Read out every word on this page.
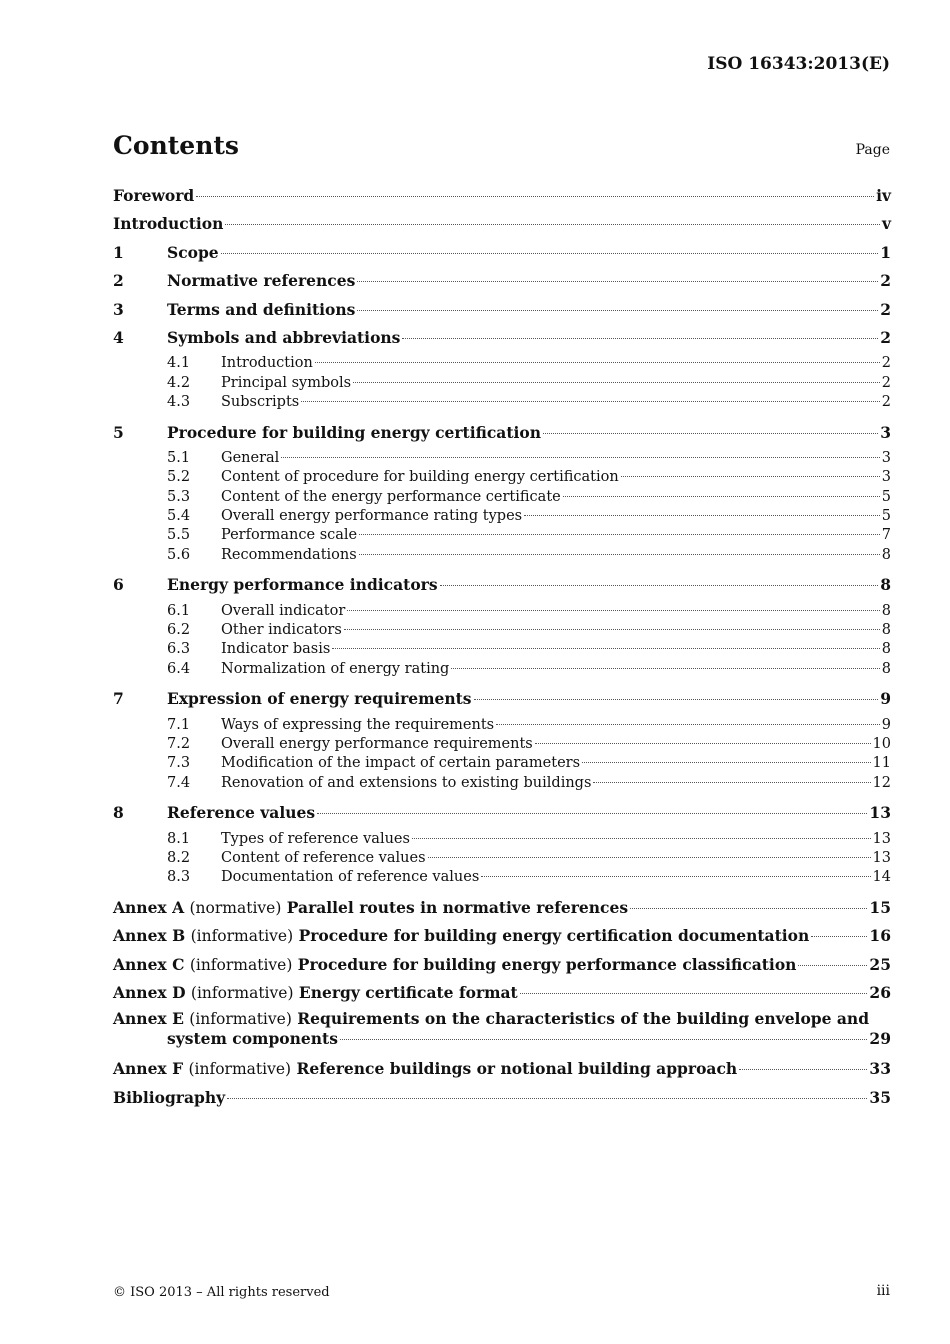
ISO 16343:2013(E)
Contents	Page
Foreword	iv
Introduction	v
1	Scope	1
2	Normative references	2
3	Terms and definitions	2
4	Symbols and abbreviations	2
4.1	Introduction	2
4.2	Principal symbols	2
4.3	Subscripts	2
5	Procedure for building energy certification	3
5.1	General	3
5.2	Content of procedure for building energy certification	3
5.3	Content of the energy performance certificate	5
5.4	Overall energy performance rating types	5
5.5	Performance scale	7
5.6	Recommendations	8
6	Energy performance indicators	8
6.1	Overall indicator	8
6.2	Other indicators	8
6.3	Indicator basis	8
6.4	Normalization of energy rating	8
7	Expression of energy requirements	9
7.1	Ways of expressing the requirements	9
7.2	Overall energy performance requirements	10
7.3	Modification of the impact of certain parameters	11
7.4	Renovation of and extensions to existing buildings	12
8	Reference values	13
8.1	Types of reference values	13
8.2	Content of reference values	13
8.3	Documentation of reference values	14
Annex A (normative) Parallel routes in normative references	15
Annex B (informative) Procedure for building energy certification documentation	16
Annex C (informative) Procedure for building energy performance classification	25
Annex D (informative) Energy certificate format	26
Annex E (informative) Requirements on the characteristics of the building envelope and
system components	29
Annex F (informative) Reference buildings or notional building approach	33
Bibliography	35
© ISO 2013 – All rights reserved	iii
